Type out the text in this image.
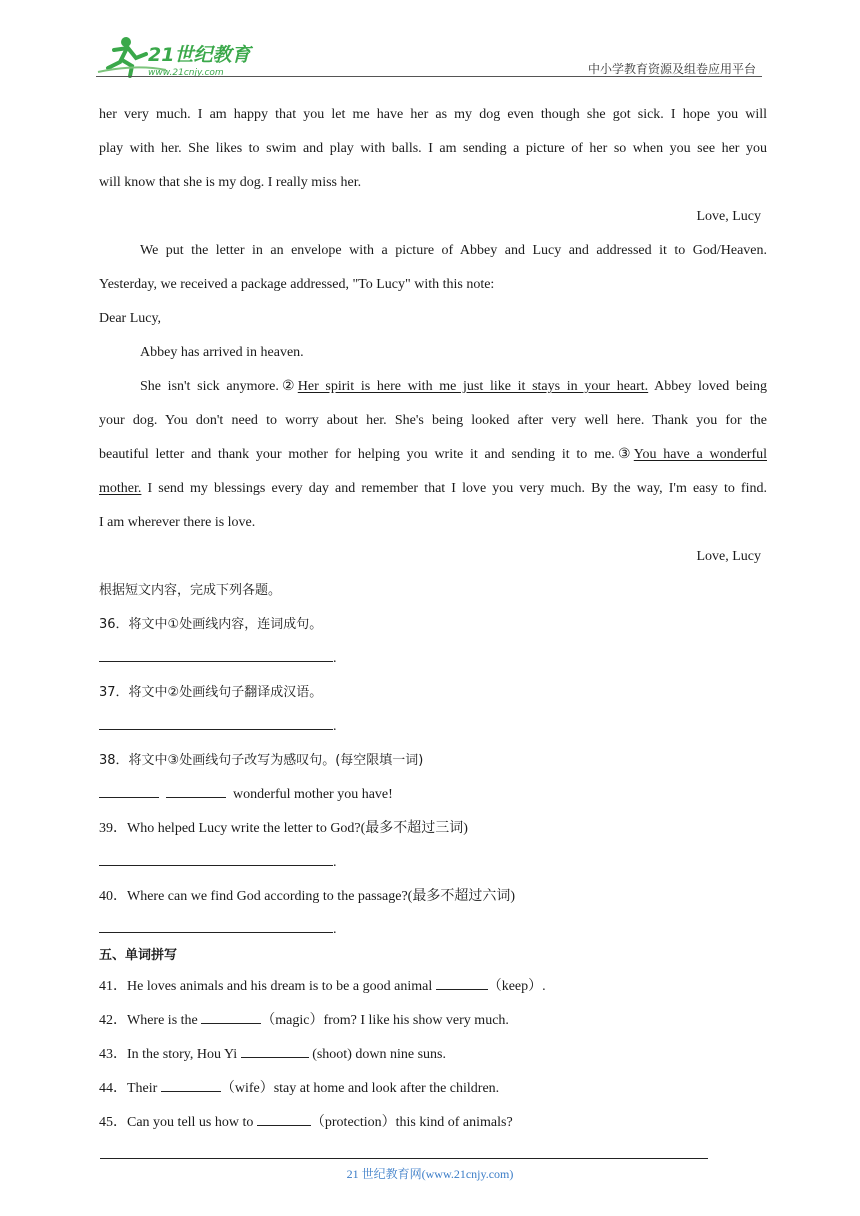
21世纪教育
www.21cnjy.com	中小学教育资源及组卷应用平台
her very much. I am happy that you let me have her as my dog even though she got sick. I hope you will
play with her. She likes to swim and play with balls. I am sending a picture of her so when you see her you
will know that she is my dog. I really miss her.
Love, Lucy
We put the letter in an envelope with a picture of Abbey and Lucy and addressed it to God/Heaven.
Yesterday, we received a package addressed, "To Lucy" with this note:
Dear Lucy,
Abbey has arrived in heaven.
She isn't sick anymore.②Her spirit is here with me just like it stays in your heart. Abbey loved being
your dog. You don't need to worry about her. She's being looked after very well here. Thank you for the
beautiful letter and thank your mother for helping you write it and sending it to me.③You have a wonderful
mother. I send my blessings every day and remember that I love you very much. By the way, I'm easy to find.
I am wherever there is love.
Love, Lucy
根据短文内容，完成下列各题。
36．将文中①处画线内容，连词成句。
.
37．将文中②处画线句子翻译成汉语。
.
38．将文中③处画线句子改写为感叹句。(每空限填一词)
wonderful mother you have!
39．Who helped Lucy write the letter to God?(最多不超过三词)
.
40．Where can we find God according to the passage?(最多不超过六词)
.
五、单词拼写
41．He loves animals and his dream is to be a good animal	（keep）.
42．Where is the	（magic）from? I like his show very much.
43．In the story, Hou Yi	(shoot) down nine suns.
44．Their	（wife）stay at home and look after the children.
45．Can you tell us how to	（protection）this kind of animals?
21 世纪教育网(www.21cnjy.com)
